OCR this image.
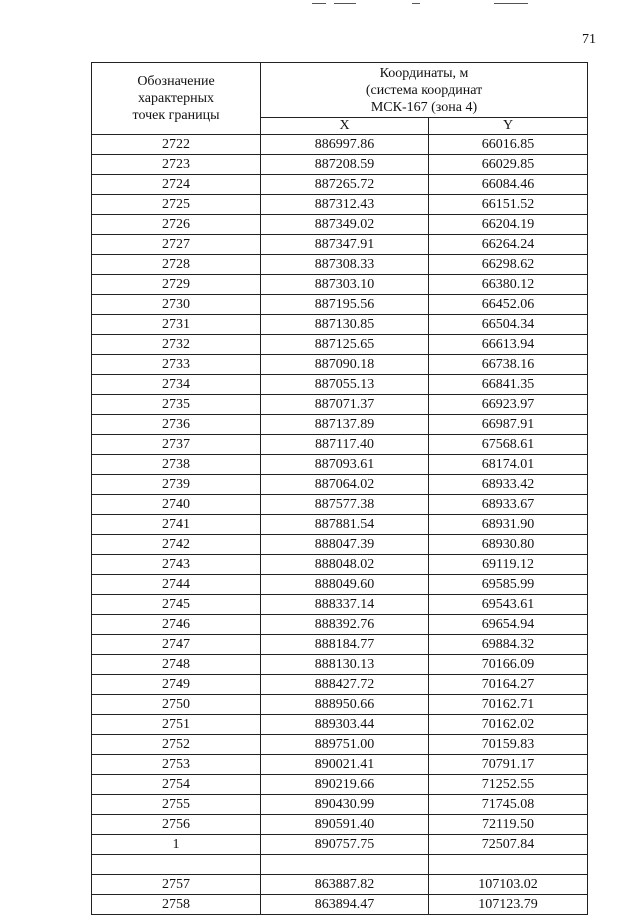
71
Обозначение
характерных
точек границы	Координаты, м
(система координат
МСК-167 (зона 4)	

	X	Y
2722	886997.86	66016.85
2723	887208.59	66029.85
2724	887265.72	66084.46
2725	887312.43	66151.52
2726	887349.02	66204.19
2727	887347.91	66264.24
2728	887308.33	66298.62
2729	887303.10	66380.12
2730	887195.56	66452.06
2731	887130.85	66504.34
2732	887125.65	66613.94
2733	887090.18	66738.16
2734	887055.13	66841.35
2735	887071.37	66923.97
2736	887137.89	66987.91
2737	887117.40	67568.61
2738	887093.61	68174.01
2739	887064.02	68933.42
2740	887577.38	68933.67
2741	887881.54	68931.90
2742	888047.39	68930.80
2743	888048.02	69119.12
2744	888049.60	69585.99
2745	888337.14	69543.61
2746	888392.76	69654.94
2747	888184.77	69884.32
2748	888130.13	70166.09
2749	888427.72	70164.27
2750	888950.66	70162.71
2751	889303.44	70162.02
2752	889751.00	70159.83
2753	890021.41	70791.17
2754	890219.66	71252.55
2755	890430.99	71745.08
2756	890591.40	72119.50
1	890757.75	72507.84

2757	863887.82	107103.02
2758	863894.47	107123.79
